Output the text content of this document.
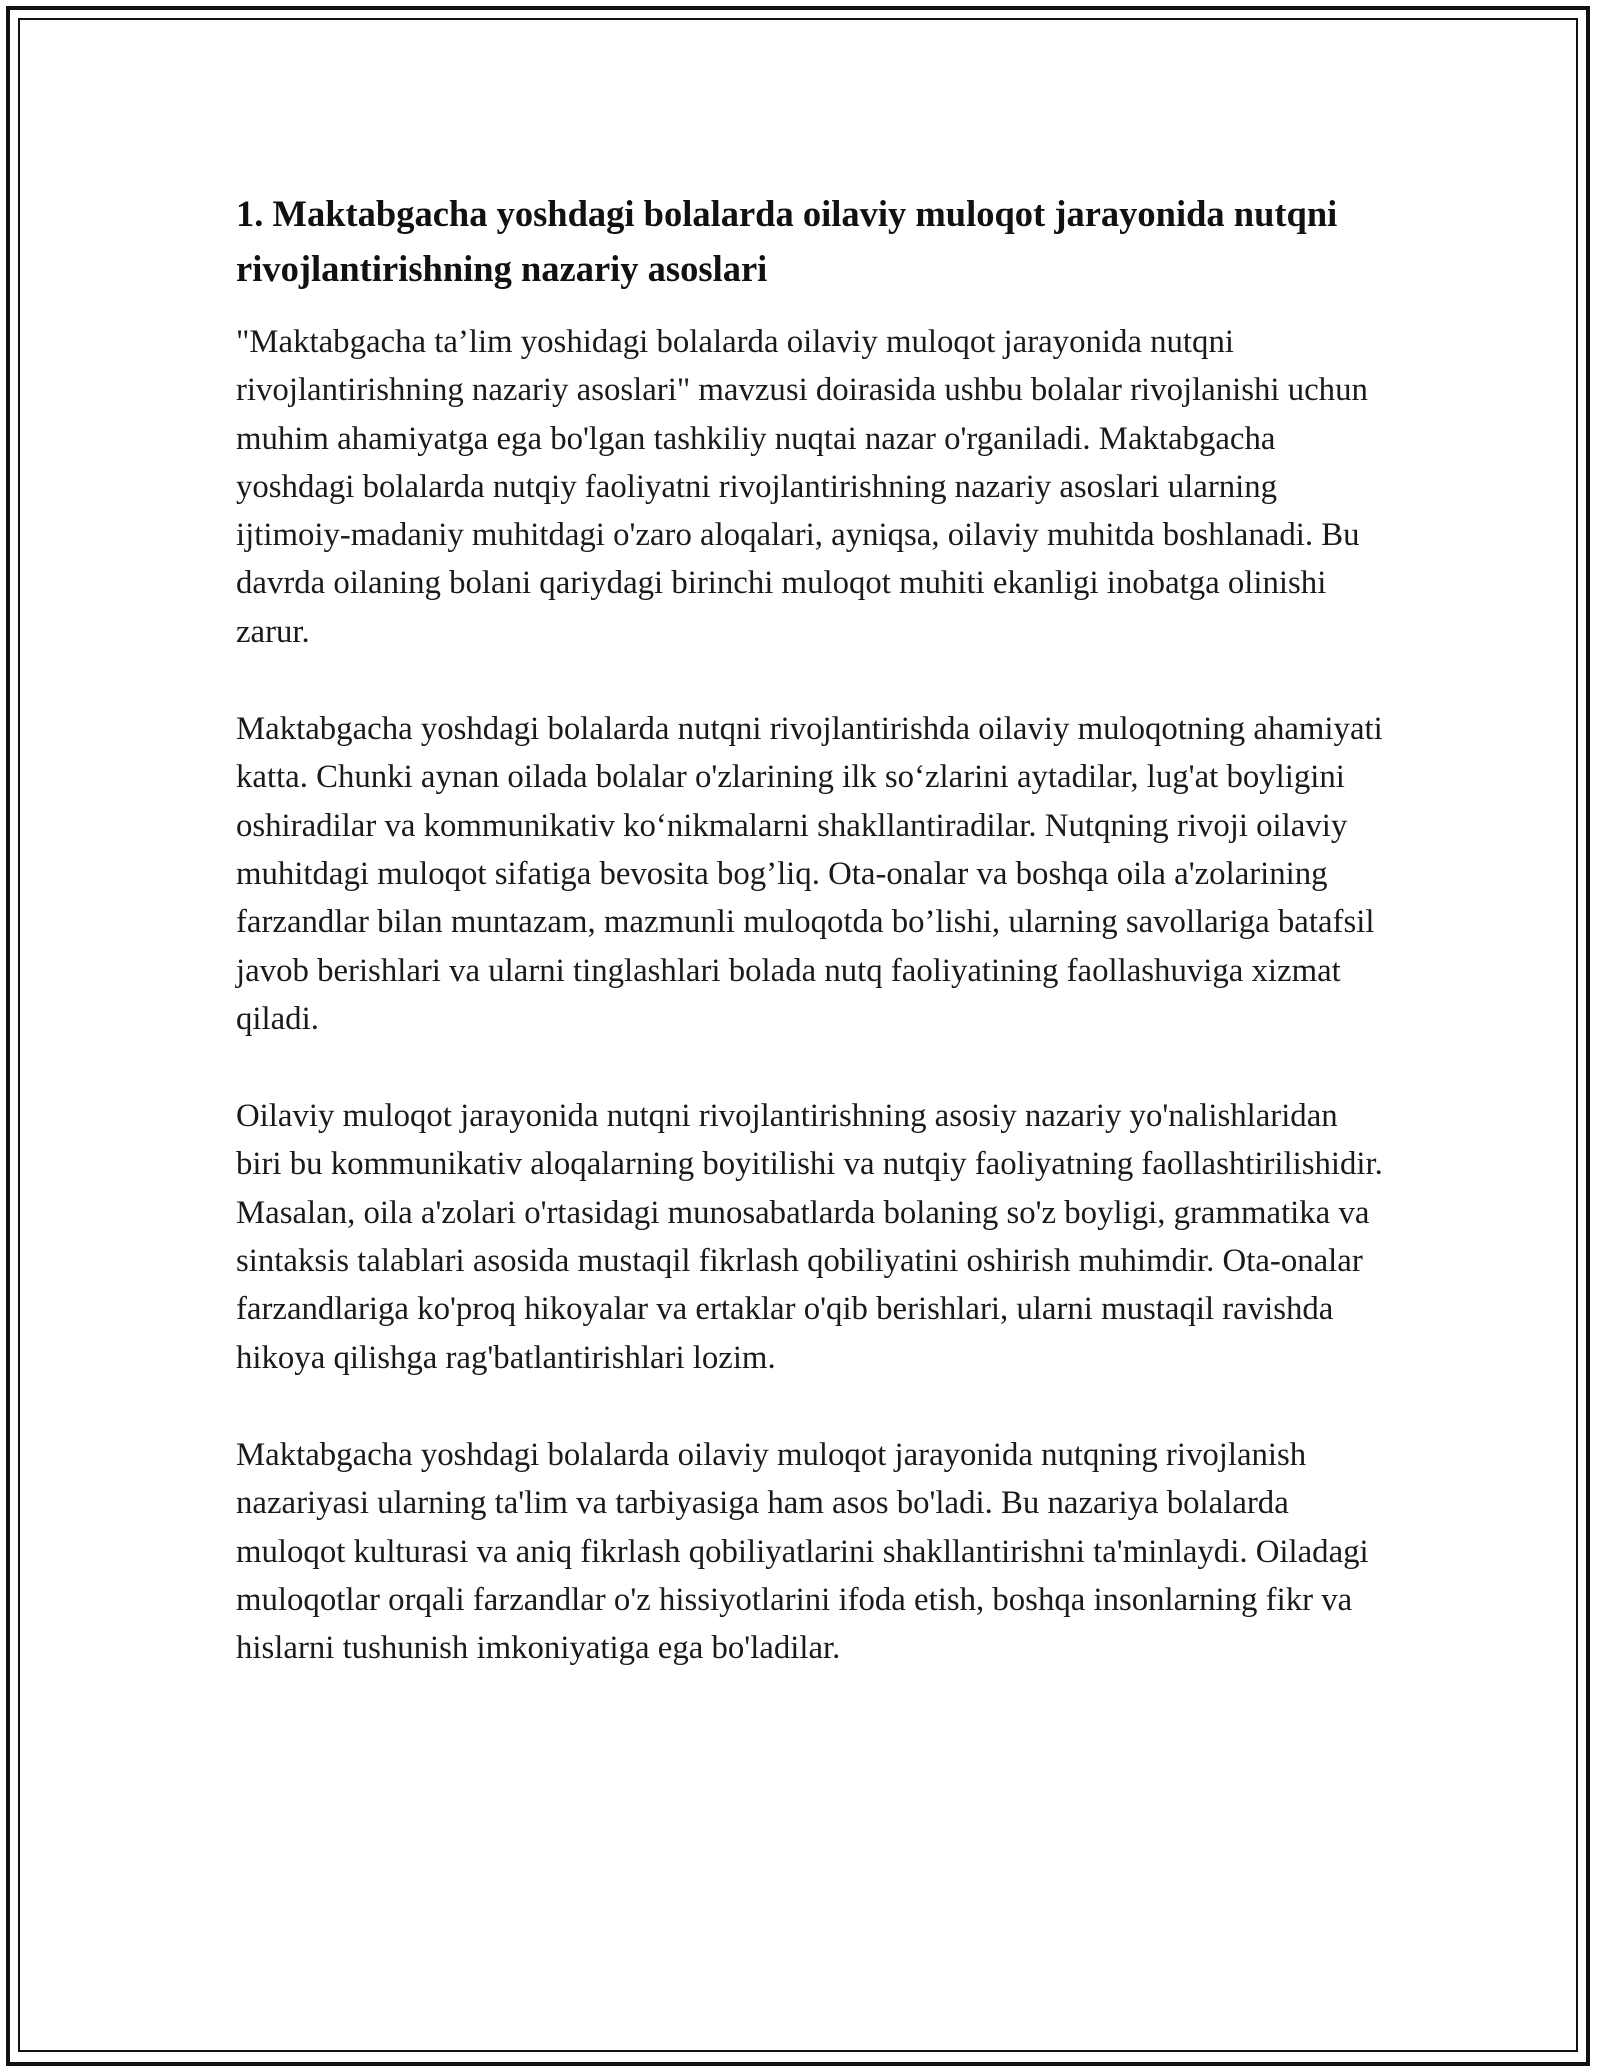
1. Maktabgacha yoshdagi bolalarda oilaviy muloqot jarayonida nutqni rivojlantirishning nazariy asoslari

"Maktabgacha ta’lim yoshidagi bolalarda oilaviy muloqot jarayonida nutqni rivojlantirishning nazariy asoslari" mavzusi doirasida ushbu bolalar rivojlanishi uchun muhim ahamiyatga ega bo'lgan tashkiliy nuqtai nazar o'rganiladi. Maktabgacha yoshdagi bolalarda nutqiy faoliyatni rivojlantirishning nazariy asoslari ularning ijtimoiy-madaniy muhitdagi o'zaro aloqalari, ayniqsa, oilaviy muhitda boshlanadi. Bu davrda oilaning bolani qariydagi birinchi muloqot muhiti ekanligi inobatga olinishi zarur.

Maktabgacha yoshdagi bolalarda nutqni rivojlantirishda oilaviy muloqotning ahamiyati katta. Chunki aynan oilada bolalar o'zlarining ilk so‘zlarini aytadilar, lug'at boyligini oshiradilar va kommunikativ ko‘nikmalarni shakllantiradilar. Nutqning rivoji oilaviy muhitdagi muloqot sifatiga bevosita bog’liq. Ota-onalar va boshqa oila a'zolarining farzandlar bilan muntazam, mazmunli muloqotda bo’lishi, ularning savollariga batafsil javob berishlari va ularni tinglashlari bolada nutq faoliyatining faollashuviga xizmat qiladi.

Oilaviy muloqot jarayonida nutqni rivojlantirishning asosiy nazariy yo'nalishlaridan biri bu kommunikativ aloqalarning boyitilishi va nutqiy faoliyatning faollashtirilishidir. Masalan, oila a'zolari o'rtasidagi munosabatlarda bolaning so'z boyligi, grammatika va sintaksis talablari asosida mustaqil fikrlash qobiliyatini oshirish muhimdir. Ota-onalar farzandlariga ko'proq hikoyalar va ertaklar o'qib berishlari, ularni mustaqil ravishda hikoya qilishga rag'batlantirishlari lozim.

Maktabgacha yoshdagi bolalarda oilaviy muloqot jarayonida nutqning rivojlanish nazariyasi ularning ta'lim va tarbiyasiga ham asos bo'ladi. Bu nazariya bolalarda muloqot kulturasi va aniq fikrlash qobiliyatlarini shakllantirishni ta'minlaydi. Oiladagi muloqotlar orqali farzandlar o'z hissiyotlarini ifoda etish, boshqa insonlarning fikr va hislarni tushunish imkoniyatiga ega bo'ladilar.
